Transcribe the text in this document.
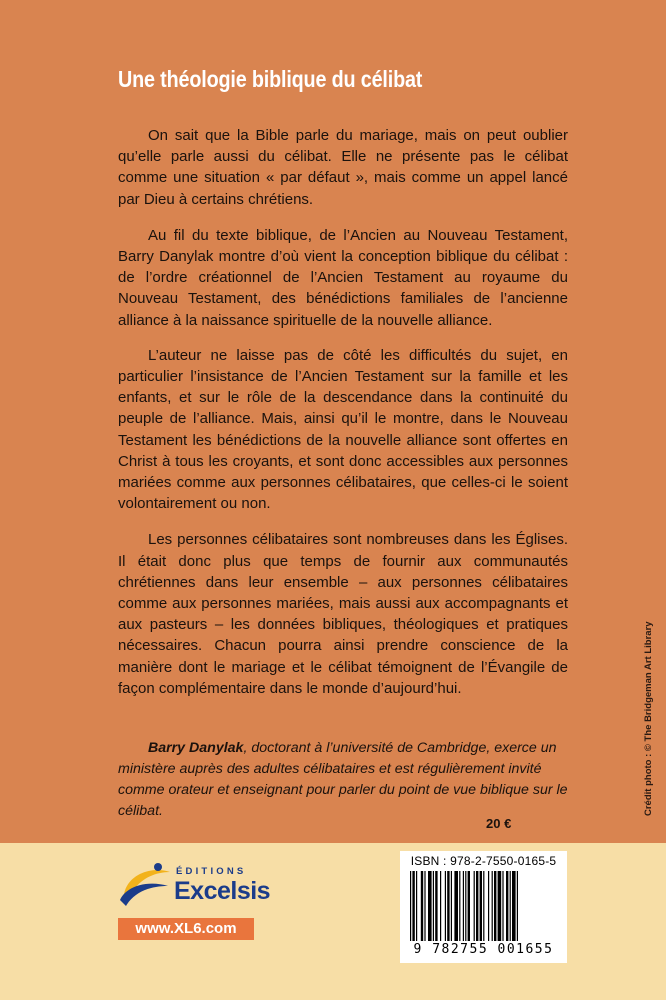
Une théologie biblique du célibat

On sait que la Bible parle du mariage, mais on peut oublier qu’elle parle aussi du célibat. Elle ne présente pas le célibat comme une situation « par défaut », mais comme un appel lancé par Dieu à certains chrétiens.

Au fil du texte biblique, de l’Ancien au Nouveau Testament, Barry Danylak montre d’où vient la conception biblique du célibat : de l’ordre créationnel de l’Ancien Testament au royaume du Nouveau Testament, des bénédictions familiales de l’ancienne alliance à la naissance spirituelle de la nouvelle alliance.

L’auteur ne laisse pas de côté les difficultés du sujet, en particulier l’insistance de l’Ancien Testament sur la famille et les enfants, et sur le rôle de la descendance dans la continuité du peuple de l’alliance. Mais, ainsi qu’il le montre, dans le Nouveau Testament les bénédictions de la nouvelle alliance sont offertes en Christ à tous les croyants, et sont donc accessibles aux personnes mariées comme aux personnes célibataires, que celles-ci le soient volontairement ou non.

Les personnes célibataires sont nombreuses dans les Églises. Il était donc plus que temps de fournir aux communautés chrétiennes dans leur ensemble – aux personnes célibataires comme aux personnes mariées, mais aussi aux accompagnants et aux pasteurs – les données bibliques, théologiques et pratiques nécessaires. Chacun pourra ainsi prendre conscience de la manière dont le mariage et le célibat témoignent de l’Évangile de façon complémentaire dans le monde d’aujourd’hui.

Barry Danylak, doctorant à l’université de Cambridge, exerce un ministère auprès des adultes célibataires et est régulièrement invité comme orateur et enseignant pour parler du point de vue biblique sur le célibat.

20 €
Crédit photo : © The Bridgeman Art Library
ÉDITIONS
Excelsis
www.XL6.com
ISBN : 978-2-7550-0165-5
9 782755 001655
